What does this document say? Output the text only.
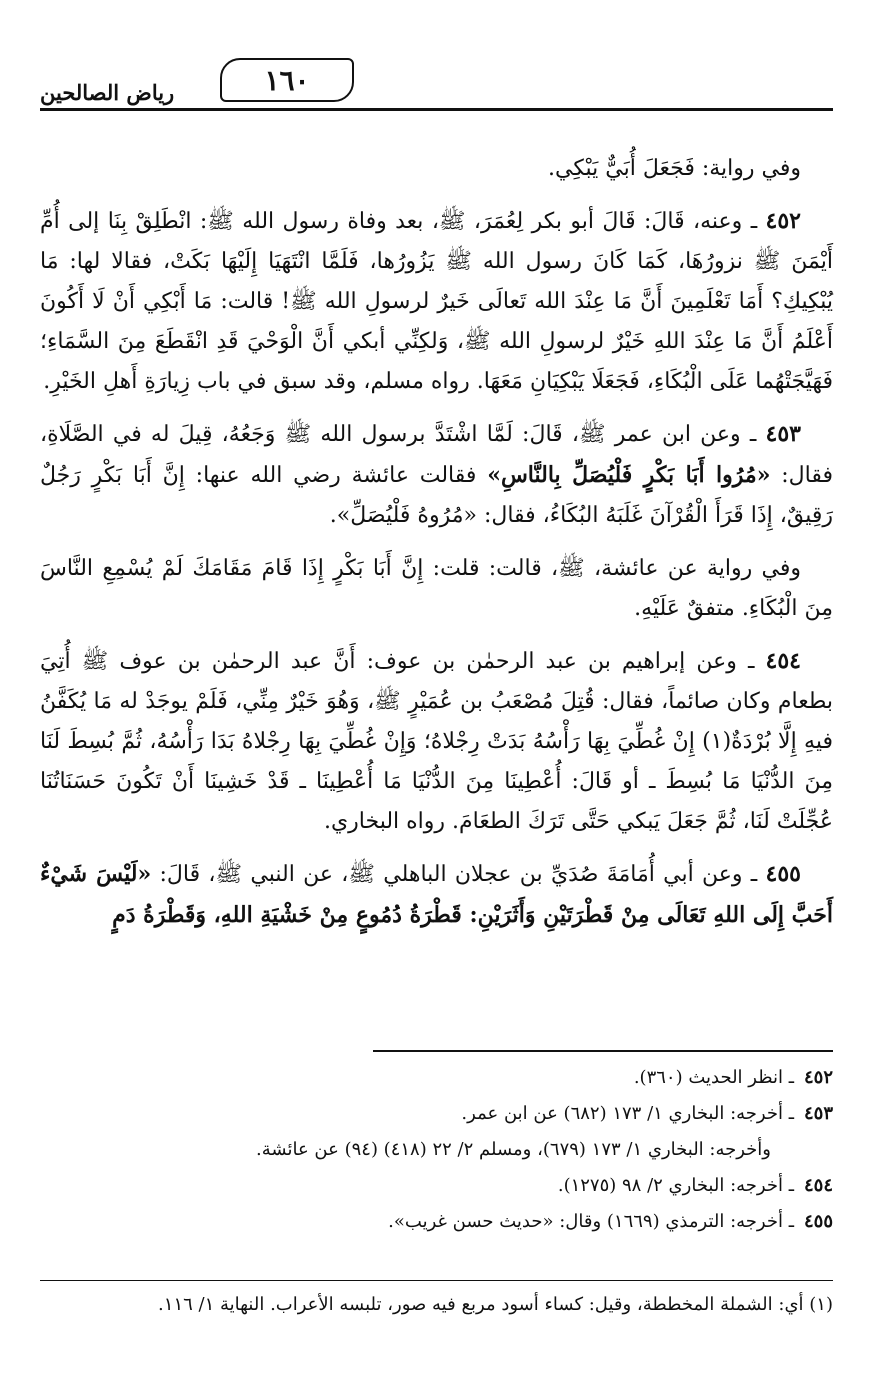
١٦٠
رياض الصالحين

وفي رواية: فَجَعَلَ أُبَيٌّ يَبْكِي.

٤٥٢ ـ وعنه، قَالَ: قَالَ أبو بكر لِعُمَرَ، ﷺ، بعد وفاة رسول الله ﷺ: انْطَلِقْ بِنَا إلى أُمِّ أَيْمَنَ ﷺ نزورُهَا، كَمَا كَانَ رسول الله ﷺ يَزُورُها، فَلَمَّا انْتَهَيَا إِلَيْهَا بَكَتْ، فقالا لها: مَا يُبْكِيكِ؟ أَمَا تَعْلَمِينَ أَنَّ مَا عِنْدَ الله تَعالَى خَيرٌ لرسولِ الله ﷺ! قالت: مَا أَبْكِي أَنْ لَا أَكُونَ أَعْلَمُ أَنَّ مَا عِنْدَ اللهِ خَيْرٌ لرسولِ الله ﷺ، وَلكِنِّي أبكي أَنَّ الْوَحْيَ قَدِ انْقَطَعَ مِنَ السَّمَاءِ؛ فَهَيَّجَتْهُما عَلَى الْبُكَاءِ، فَجَعَلَا يَبْكِيَانِ مَعَهَا. رواه مسلم، وقد سبق في باب زِيارَةِ أَهلِ الخَيْرِ.

٤٥٣ ـ وعن ابن عمر ﷺ، قَالَ: لَمَّا اشْتَدَّ برسول الله ﷺ وَجَعُهُ، قِيلَ له في الصَّلَاةِ، فقال: «مُرُوا أَبَا بَكْرٍ فَلْيُصَلِّ بِالنَّاسِ» فقالت عائشة رضي الله عنها: إِنَّ أَبَا بَكْرٍ رَجُلٌ رَقِيقٌ، إِذَا قَرَأَ الْقُرْآنَ غَلَبَهُ البُكَاءُ، فقال: «مُرُوهُ فَلْيُصَلِّ».

وفي رواية عن عائشة، ﷺ، قالت: قلت: إِنَّ أَبَا بَكْرٍ إِذَا قَامَ مَقَامَكَ لَمْ يُسْمِعِ النَّاسَ مِنَ الْبُكَاءِ. متفقٌ عَلَيْهِ.

٤٥٤ ـ وعن إبراهيم بن عبد الرحمٰن بن عوف: أَنَّ عبد الرحمٰن بن عوف ﷺ أُتِيَ بطعام وكان صائماً، فقال: قُتِلَ مُصْعَبُ بن عُمَيْرٍ ﷺ، وَهُوَ خَيْرٌ مِنِّي، فَلَمْ يوجَدْ له مَا يُكَفَّنُ فيهِ إِلَّا بُرْدَةٌ(١) إِنْ غُطِّيَ بِهَا رَأْسُهُ بَدَتْ رِجْلاهُ؛ وَإِنْ غُطِّيَ بِهَا رِجْلاهُ بَدَا رَأْسُهُ، ثُمَّ بُسِطَ لَنَا مِنَ الدُّنْيَا مَا بُسِطَ ـ أو قَالَ: أُعْطِينَا مِنَ الدُّنْيَا مَا أُعْطِينَا ـ قَدْ خَشِينَا أَنْ تَكُونَ حَسَنَاتُنَا عُجِّلَتْ لَنَا، ثُمَّ جَعَلَ يَبكي حَتَّى تَرَكَ الطعَامَ. رواه البخاري.

٤٥٥ ـ وعن أبي أُمَامَةَ صُدَيِّ بن عجلان الباهلي ﷺ، عن النبي ﷺ، قَالَ: «لَيْسَ شَيْءٌ أَحَبَّ إِلَى اللهِ تَعَالَى مِنْ قَطْرَتَيْنِ وَأَثَرَيْنِ: قَطْرَةُ دُمُوعٍ مِنْ خَشْيَةِ اللهِ، وَقَطْرَةُ دَمٍ

٤٥٢ـ انظر الحديث (٣٦٠).

٤٥٣ـ أخرجه: البخاري ١/ ١٧٣ (٦٨٢) عن ابن عمر.

وأخرجه: البخاري ١/ ١٧٣ (٦٧٩)، ومسلم ٢/ ٢٢ (٤١٨) (٩٤) عن عائشة.

٤٥٤ـ أخرجه: البخاري ٢/ ٩٨ (١٢٧٥).

٤٥٥ـ أخرجه: الترمذي (١٦٦٩) وقال: «حديث حسن غريب».

(١) أي: الشملة المخططة، وقيل: كساء أسود مربع فيه صور، تلبسه الأعراب. النهاية ١/ ١١٦.
